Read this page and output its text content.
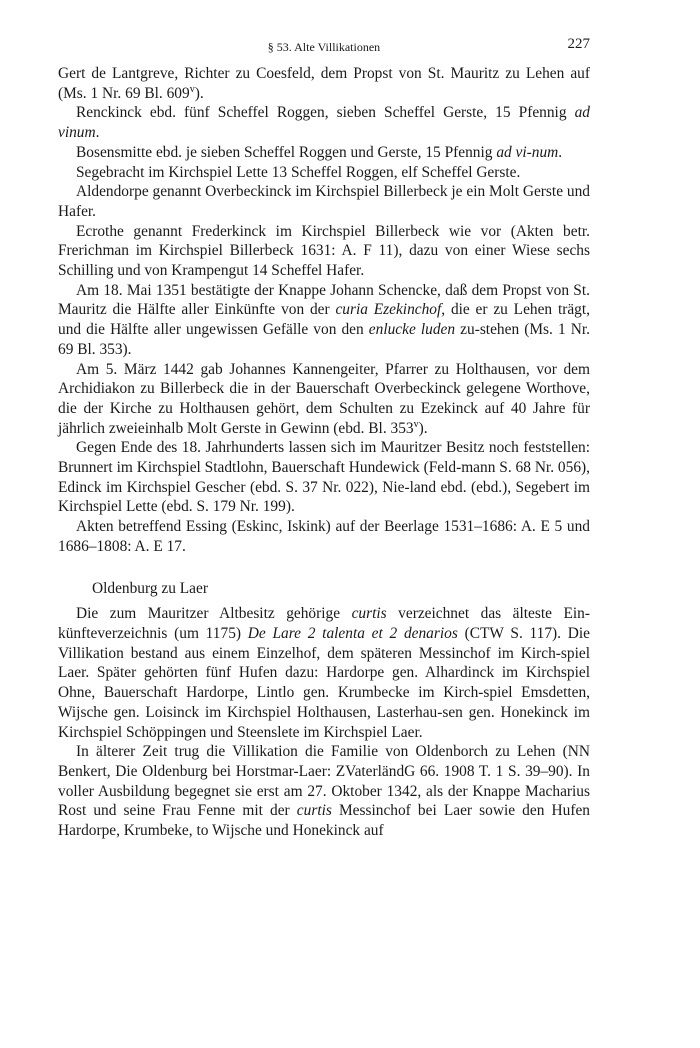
§ 53. Alte Villikationen	227

Gert de Lantgreve, Richter zu Coesfeld, dem Propst von St. Mauritz zu Lehen auf (Ms. 1 Nr. 69 Bl. 609$^v$).

Renckinck ebd. fünf Scheffel Roggen, sieben Scheffel Gerste, 15 Pfennig ad vinum.

Bosensmitte ebd. je sieben Scheffel Roggen und Gerste, 15 Pfennig ad vi-num.

Segebracht im Kirchspiel Lette 13 Scheffel Roggen, elf Scheffel Gerste.

Aldendorpe genannt Overbeckinck im Kirchspiel Billerbeck je ein Molt Gerste und Hafer.

Ecrothe genannt Frederkinck im Kirchspiel Billerbeck wie vor (Akten betr. Frerichman im Kirchspiel Billerbeck 1631: A. F 11), dazu von einer Wiese sechs Schilling und von Krampengut 14 Scheffel Hafer.

Am 18. Mai 1351 bestätigte der Knappe Johann Schencke, daß dem Propst von St. Mauritz die Hälfte aller Einkünfte von der curia Ezekinchof, die er zu Lehen trägt, und die Hälfte aller ungewissen Gefälle von den enlucke luden zu-stehen (Ms. 1 Nr. 69 Bl. 353).

Am 5. März 1442 gab Johannes Kannengeiter, Pfarrer zu Holthausen, vor dem Archidiakon zu Billerbeck die in der Bauerschaft Overbeckinck gelegene Worthove, die der Kirche zu Holthausen gehört, dem Schulten zu Ezekinck auf 40 Jahre für jährlich zweieinhalb Molt Gerste in Gewinn (ebd. Bl. 353$^v$).

Gegen Ende des 18. Jahrhunderts lassen sich im Mauritzer Besitz noch feststellen: Brunnert im Kirchspiel Stadtlohn, Bauerschaft Hundewick (Feld-mann S. 68 Nr. 056), Edinck im Kirchspiel Gescher (ebd. S. 37 Nr. 022), Nie-land ebd. (ebd.), Segebert im Kirchspiel Lette (ebd. S. 179 Nr. 199).

Akten betreffend Essing (Eskinc, Iskink) auf der Beerlage 1531–1686: A. E 5 und 1686–1808: A. E 17.

Oldenburg zu Laer

Die zum Mauritzer Altbesitz gehörige curtis verzeichnet das älteste Ein-künfteverzeichnis (um 1175) De Lare 2 talenta et 2 denarios (CTW S. 117). Die Villikation bestand aus einem Einzelhof, dem späteren Messinchof im Kirch-spiel Laer. Später gehörten fünf Hufen dazu: Hardorpe gen. Alhardinck im Kirchspiel Ohne, Bauerschaft Hardorpe, Lintlo gen. Krumbecke im Kirch-spiel Emsdetten, Wijsche gen. Loisinck im Kirchspiel Holthausen, Lasterhau-sen gen. Honekinck im Kirchspiel Schöppingen und Steenslete im Kirchspiel Laer.

In älterer Zeit trug die Villikation die Familie von Oldenborch zu Lehen (NN Benkert, Die Oldenburg bei Horstmar-Laer: ZVaterländG 66. 1908 T. 1 S. 39–90). In voller Ausbildung begegnet sie erst am 27. Oktober 1342, als der Knappe Macharius Rost und seine Frau Fenne mit der curtis Messinchof bei Laer sowie den Hufen Hardorpe, Krumbeke, to Wijsche und Honekinck auf
